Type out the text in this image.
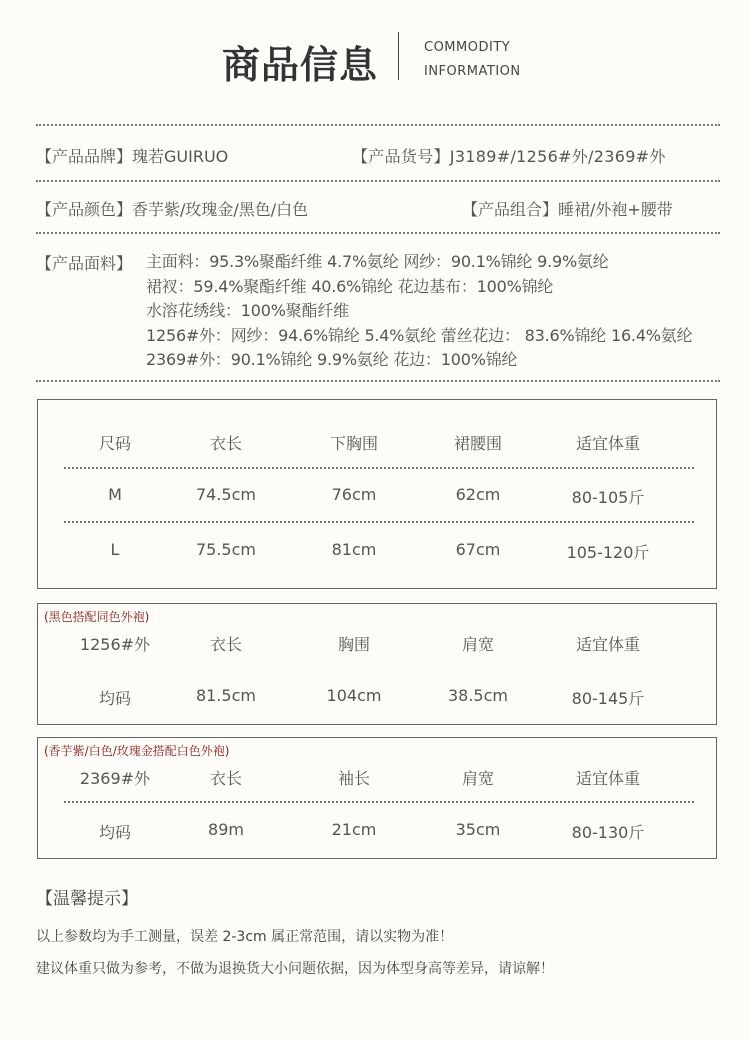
商品信息	COMMODITY
INFORMATION
【产品品牌】瑰若GUIRUO	【产品货号】J3189#/1256#外/2369#外
【产品颜色】香芋紫/玫瑰金/黑色/白色	【产品组合】睡裙/外袍+腰带
【产品面料】 主面料：95.3%聚酯纤维 4.7%氨纶 网纱：90.1%锦纶 9.9%氨纶
裙衩：59.4%聚酯纤维 40.6%锦纶 花边基布：100%锦纶
水溶花绣线：100%聚酯纤维
1256#外：网纱：94.6%锦纶 5.4%氨纶 蕾丝花边： 83.6%锦纶 16.4%氨纶
2369#外：90.1%锦纶 9.9%氨纶 花边：100%锦纶
尺码	衣长	下胸围	裙腰围	适宜体重
M	74.5cm	76cm	62cm	80-105斤
L	75.5cm	81cm	67cm	105-120斤
(黑色搭配同色外袍)
1256#外	衣长	胸围	肩宽	适宜体重
均码	81.5cm	104cm	38.5cm	80-145斤
(香芋紫/白色/玫瑰金搭配白色外袍)
2369#外	衣长	袖长	肩宽	适宜体重
均码	89m	21cm	35cm	80-130斤
【温馨提示】
以上参数均为手工测量，误差 2-3cm 属正常范围，请以实物为准！
建议体重只做为参考，不做为退换货大小问题依据，因为体型身高等差异，请谅解！
